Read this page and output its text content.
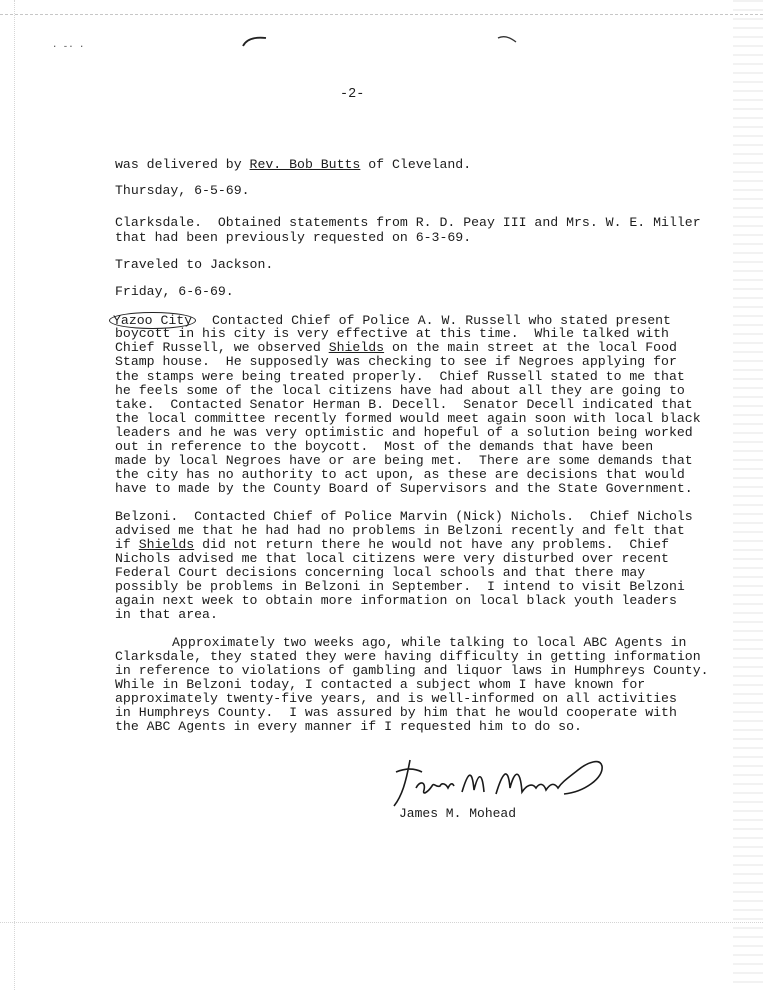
· -· ·
-2-
was delivered by Rev. Bob Butts of Cleveland.
Thursday, 6-5-69.
Clarksdale.  Obtained statements from R. D. Peay III and Mrs. W. E. Miller
that had been previously requested on 6-3-69.
Traveled to Jackson.
Friday, 6-6-69.
Yazoo City  Contacted Chief of Police A. W. Russell who stated present
boycott in his city is very effective at this time.  While talked with
Chief Russell, we observed Shields on the main street at the local Food
Stamp house.  He supposedly was checking to see if Negroes applying for
the stamps were being treated properly.  Chief Russell stated to me that
he feels some of the local citizens have had about all they are going to
take.  Contacted Senator Herman B. Decell.  Senator Decell indicated that
the local committee recently formed would meet again soon with local black
leaders and he was very optimistic and hopeful of a solution being worked
out in reference to the boycott.  Most of the demands that have been
made by local Negroes have or are being met.  There are some demands that
the city has no authority to act upon, as these are decisions that would
have to made by the County Board of Supervisors and the State Government.
Belzoni.  Contacted Chief of Police Marvin (Nick) Nichols.  Chief Nichols
advised me that he had had no problems in Belzoni recently and felt that
if Shields did not return there he would not have any problems.  Chief
Nichols advised me that local citizens were very disturbed over recent
Federal Court decisions concerning local schools and that there may
possibly be problems in Belzoni in September.  I intend to visit Belzoni
again next week to obtain more information on local black youth leaders
in that area.
Approximately two weeks ago, while talking to local ABC Agents in
Clarksdale, they stated they were having difficulty in getting information
in reference to violations of gambling and liquor laws in Humphreys County.
While in Belzoni today, I contacted a subject whom I have known for
approximately twenty-five years, and is well-informed on all activities
in Humphreys County.  I was assured by him that he would cooperate with
the ABC Agents in every manner if I requested him to do so.
James M. Mohead
